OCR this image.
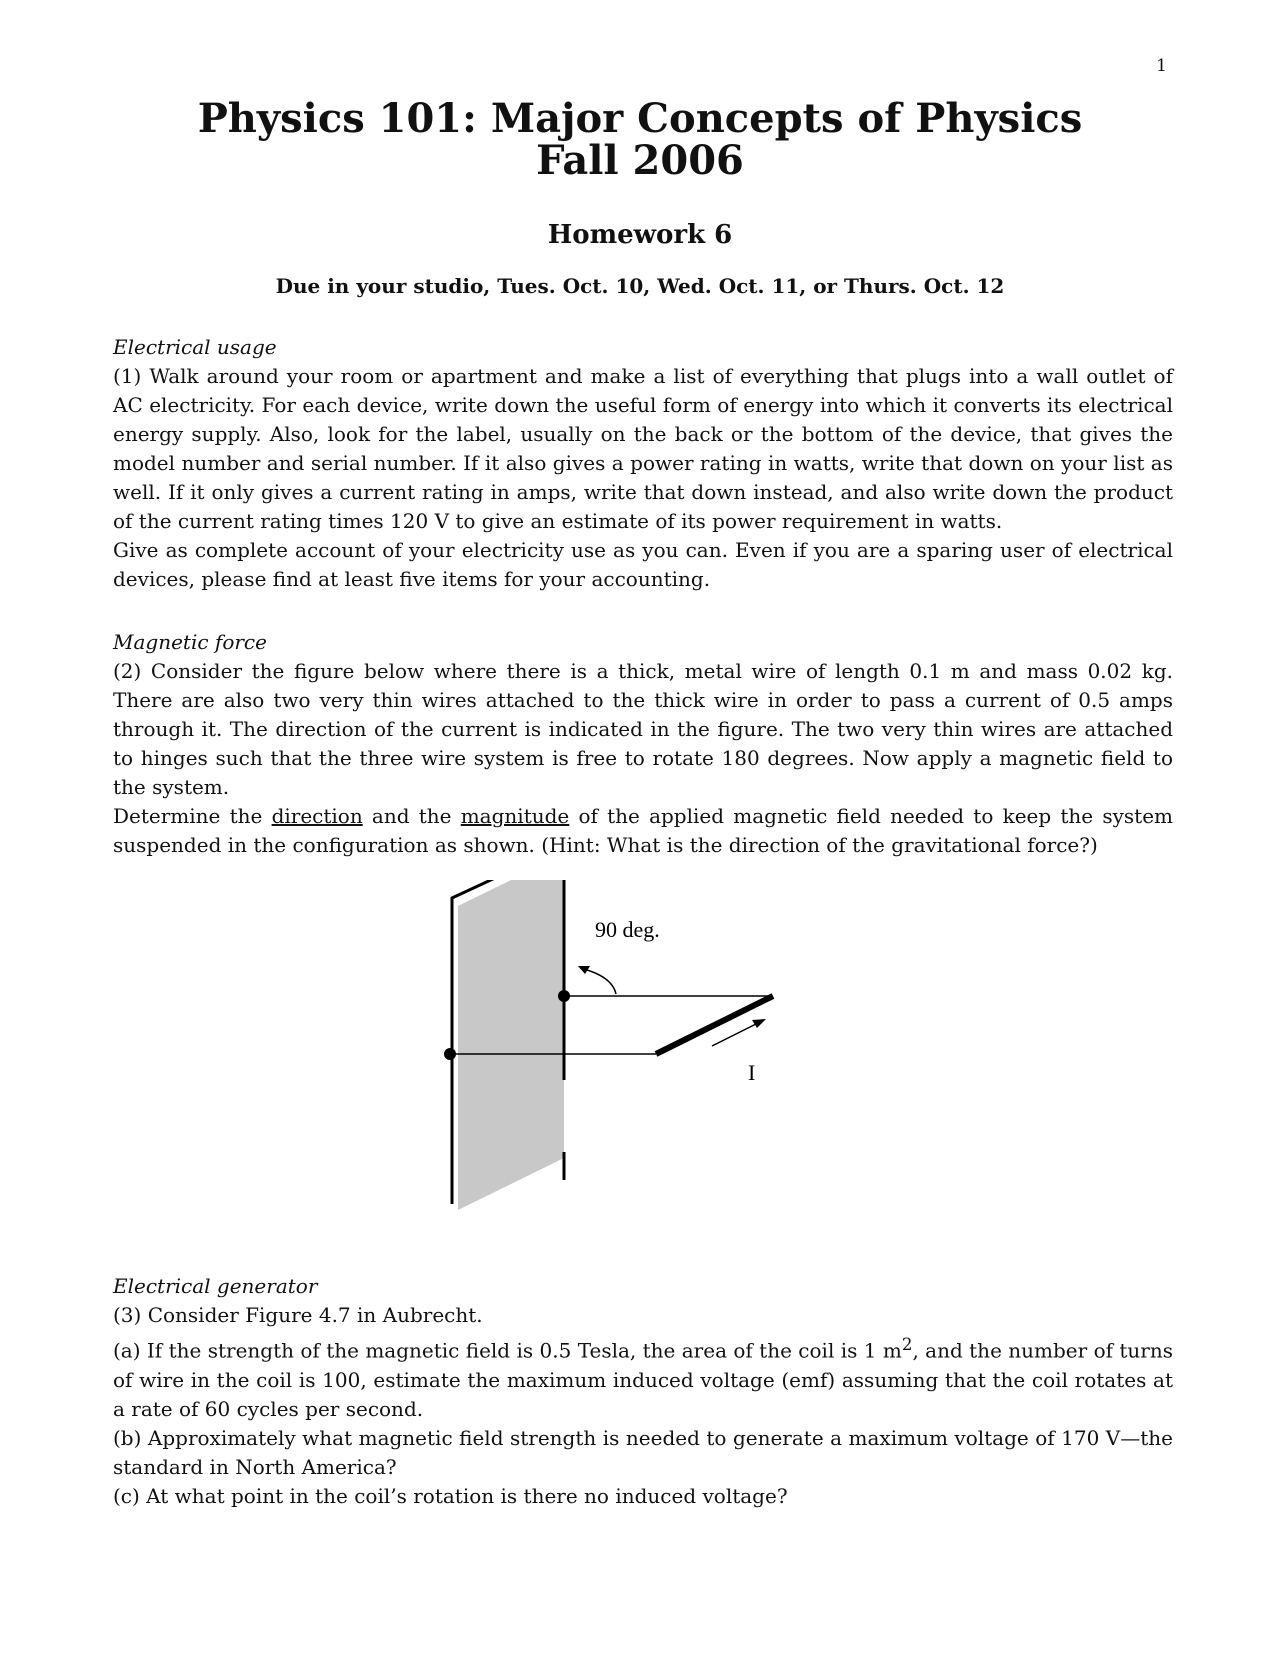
1
Physics 101: Major Concepts of Physics
Fall 2006
Homework 6
Due in your studio, Tues. Oct. 10, Wed. Oct. 11, or Thurs. Oct. 12
Electrical usage
(1) Walk around your room or apartment and make a list of everything that plugs into a wall outlet of AC electricity. For each device, write down the useful form of energy into which it converts its electrical energy supply. Also, look for the label, usually on the back or the bottom of the device, that gives the model number and serial number. If it also gives a power rating in watts, write that down on your list as well. If it only gives a current rating in amps, write that down instead, and also write down the product of the current rating times 120 V to give an estimate of its power requirement in watts.
Give as complete account of your electricity use as you can. Even if you are a sparing user of electrical devices, please find at least five items for your accounting.
Magnetic force
(2) Consider the figure below where there is a thick, metal wire of length 0.1 m and mass 0.02 kg. There are also two very thin wires attached to the thick wire in order to pass a current of 0.5 amps through it. The direction of the current is indicated in the figure. The two very thin wires are attached to hinges such that the three wire system is free to rotate 180 degrees. Now apply a magnetic field to the system.
Determine the direction and the magnitude of the applied magnetic field needed to keep the system suspended in the configuration as shown. (Hint: What is the direction of the gravitational force?)
90 deg.
I
Electrical generator
(3) Consider Figure 4.7 in Aubrecht.
(a) If the strength of the magnetic field is 0.5 Tesla, the area of the coil is 1 $m^2$, and the number of turns of wire in the coil is 100, estimate the maximum induced voltage (emf) assuming that the coil rotates at a rate of 60 cycles per second.
(b) Approximately what magnetic field strength is needed to generate a maximum voltage of 170 V—the standard in North America?
(c) At what point in the coil’s rotation is there no induced voltage?
